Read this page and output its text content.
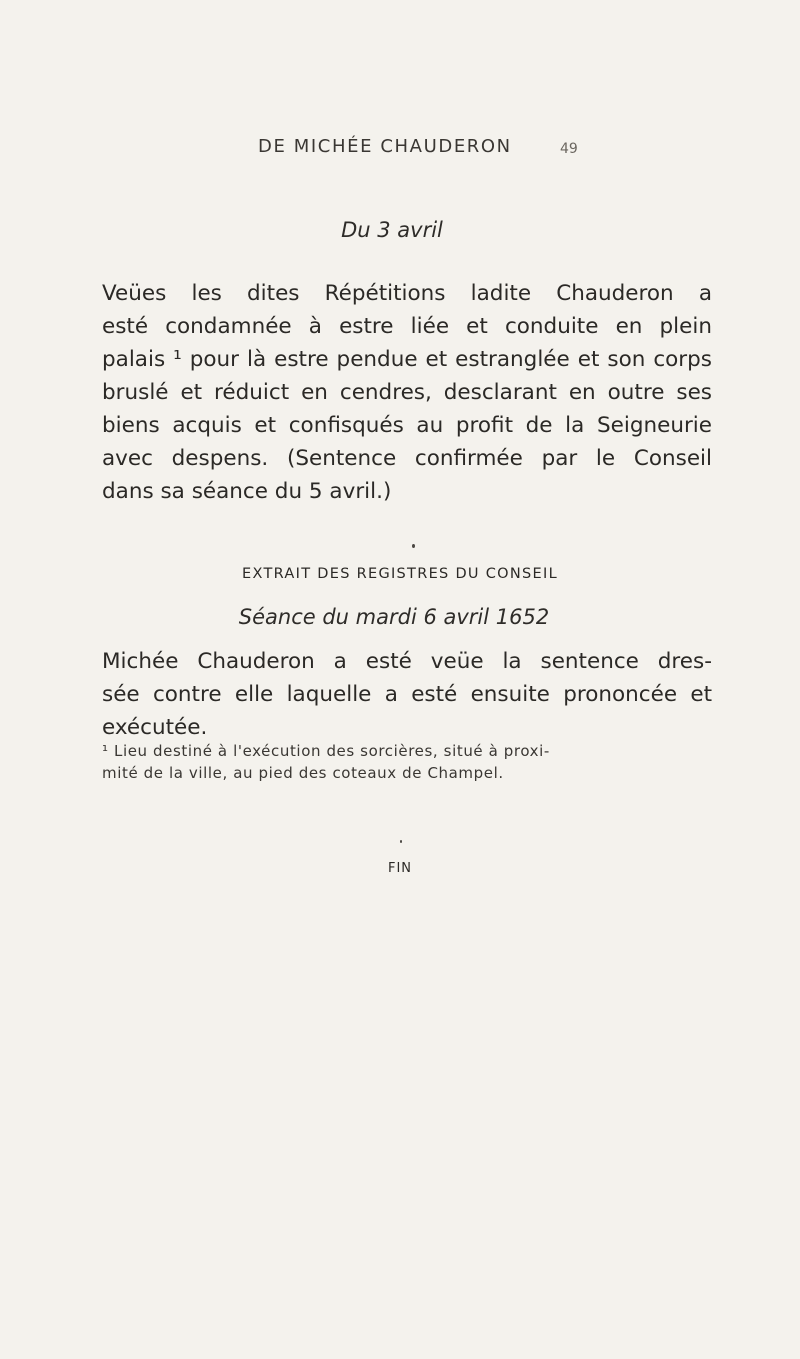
DE MICHÉE CHAUDERON	49
Du 3 avril
Veües les dites Répétitions ladite Chauderon a
esté condamnée à estre liée et conduite en plein
palais ¹ pour là estre pendue et estranglée et son corps
bruslé et réduict en cendres, desclarant en outre ses
biens acquis et confisqués au profit de la Seigneurie
avec despens. (Sentence confirmée par le Conseil
dans sa séance du 5 avril.)
EXTRAIT DES REGISTRES DU CONSEIL
Séance du mardi 6 avril 1652
Michée Chauderon a esté veüe la sentence dres-
sée contre elle laquelle a esté ensuite prononcée et
exécutée.
¹ Lieu destiné à l'exécution des sorcières, situé à proxi-
mité de la ville, au pied des coteaux de Champel.
FIN
